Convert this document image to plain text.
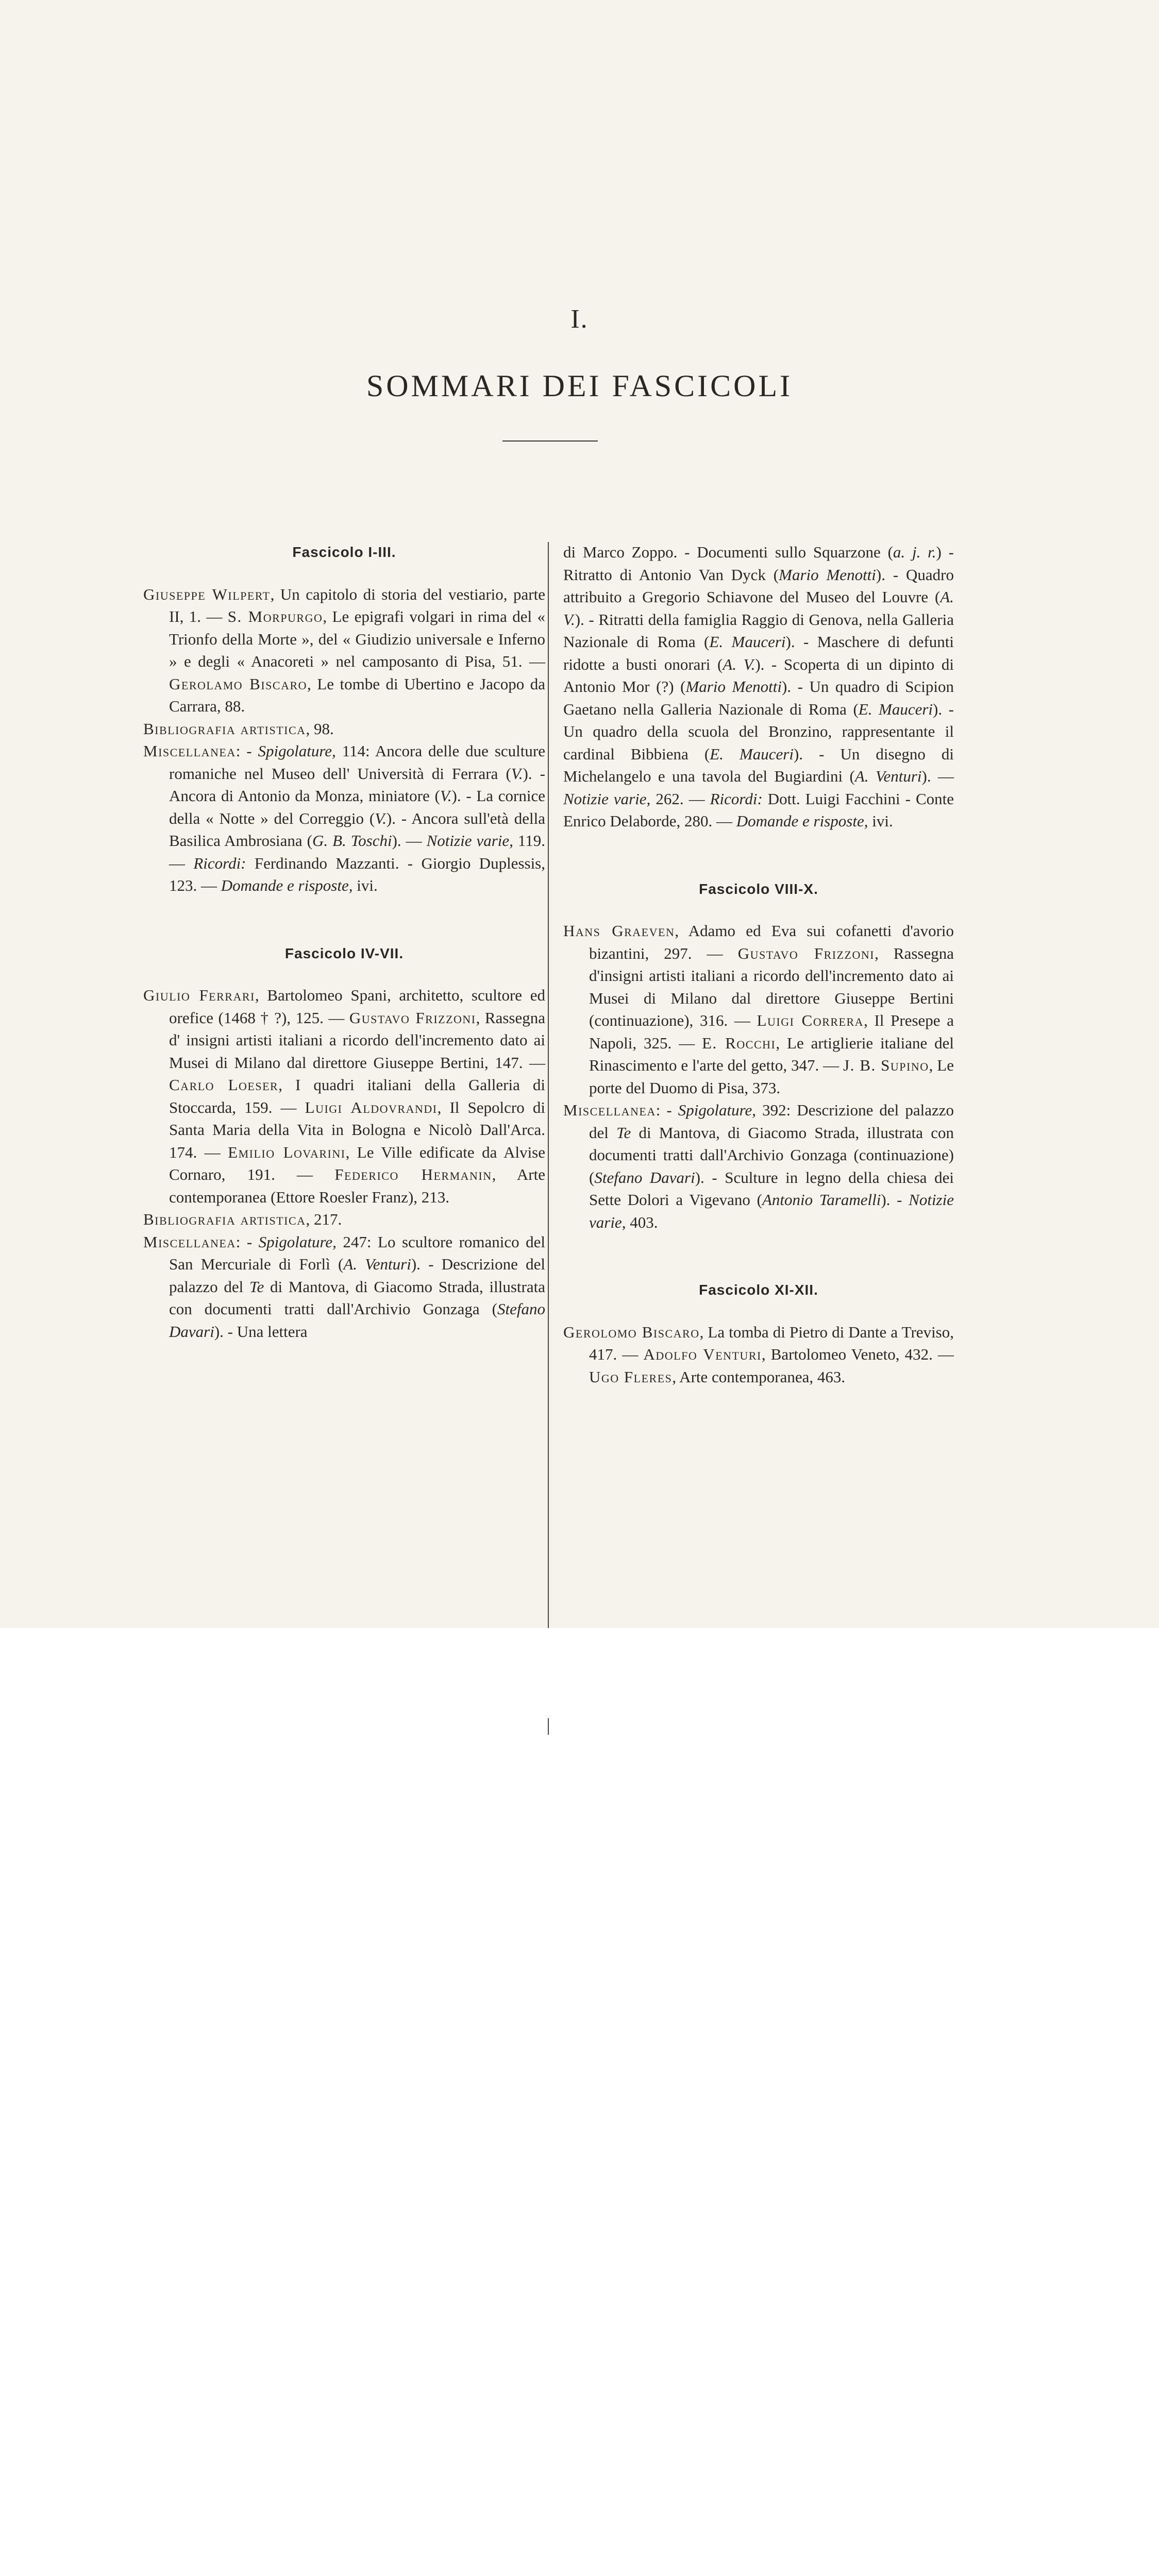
I.
SOMMARI DEI FASCICOLI
Fascicolo I-III.

Giuseppe Wilpert, Un capitolo di storia del vestiario, parte II, 1. — S. Morpurgo, Le epigrafi volgari in rima del « Trionfo della Morte », del « Giudizio universale e Inferno » e degli « Anacoreti » nel camposanto di Pisa, 51. — Gerolamo Biscaro, Le tombe di Ubertino e Jacopo da Carrara, 88.

Bibliografia artistica, 98.

Miscellanea: - Spigolature, 114: Ancora delle due sculture romaniche nel Museo dell' Università di Ferrara (V.). - Ancora di Antonio da Monza, miniatore (V.). - La cornice della « Notte » del Correggio (V.). - Ancora sull'età della Basilica Ambrosiana (G. B. Toschi). — Notizie varie, 119. — Ricordi: Ferdinando Mazzanti. - Giorgio Duplessis, 123. — Domande e risposte, ivi.

Fascicolo IV-VII.

Giulio Ferrari, Bartolomeo Spani, architetto, scultore ed orefice (1468 † ?), 125. — Gustavo Frizzoni, Rassegna d' insigni artisti italiani a ricordo dell'incremento dato ai Musei di Milano dal direttore Giuseppe Bertini, 147. — Carlo Loeser, I quadri italiani della Galleria di Stoccarda, 159. — Luigi Aldovrandi, Il Sepolcro di Santa Maria della Vita in Bologna e Nicolò Dall'Arca. 174. — Emilio Lovarini, Le Ville edificate da Alvise Cornaro, 191. — Federico Hermanin, Arte contemporanea (Ettore Roesler Franz), 213.

Bibliografia artistica, 217.

Miscellanea: - Spigolature, 247: Lo scultore romanico del San Mercuriale di Forlì (A. Venturi). - Descrizione del palazzo del Te di Mantova, di Giacomo Strada, illustrata con documenti tratti dall'Archivio Gonzaga (Stefano Davari). - Una lettera

di Marco Zoppo. - Documenti sullo Squarzone (a. j. r.) - Ritratto di Antonio Van Dyck (Mario Menotti). - Quadro attribuito a Gregorio Schiavone del Museo del Louvre (A. V.). - Ritratti della famiglia Raggio di Genova, nella Galleria Nazionale di Roma (E. Mauceri). - Maschere di defunti ridotte a busti onorari (A. V.). - Scoperta di un dipinto di Antonio Mor (?) (Mario Menotti). - Un quadro di Scipion Gaetano nella Galleria Nazionale di Roma (E. Mauceri). - Un quadro della scuola del Bronzino, rappresentante il cardinal Bibbiena (E. Mauceri). - Un disegno di Michelangelo e una tavola del Bugiardini (A. Venturi). — Notizie varie, 262. — Ricordi: Dott. Luigi Facchini - Conte Enrico Delaborde, 280. — Domande e risposte, ivi.

Fascicolo VIII-X.

Hans Graeven, Adamo ed Eva sui cofanetti d'avorio bizantini, 297. — Gustavo Frizzoni, Rassegna d'insigni artisti italiani a ricordo dell'incremento dato ai Musei di Milano dal direttore Giuseppe Bertini (continuazione), 316. — Luigi Correra, Il Presepe a Napoli, 325. — E. Rocchi, Le artiglierie italiane del Rinascimento e l'arte del getto, 347. — J. B. Supino, Le porte del Duomo di Pisa, 373.

Miscellanea: - Spigolature, 392: Descrizione del palazzo del Te di Mantova, di Giacomo Strada, illustrata con documenti tratti dall'Archivio Gonzaga (continuazione) (Stefano Davari). - Sculture in legno della chiesa dei Sette Dolori a Vigevano (Antonio Taramelli). - Notizie varie, 403.

Fascicolo XI-XII.

Gerolomo Biscaro, La tomba di Pietro di Dante a Treviso, 417. — Adolfo Venturi, Bartolomeo Veneto, 432. — Ugo Fleres, Arte contemporanea, 463.
